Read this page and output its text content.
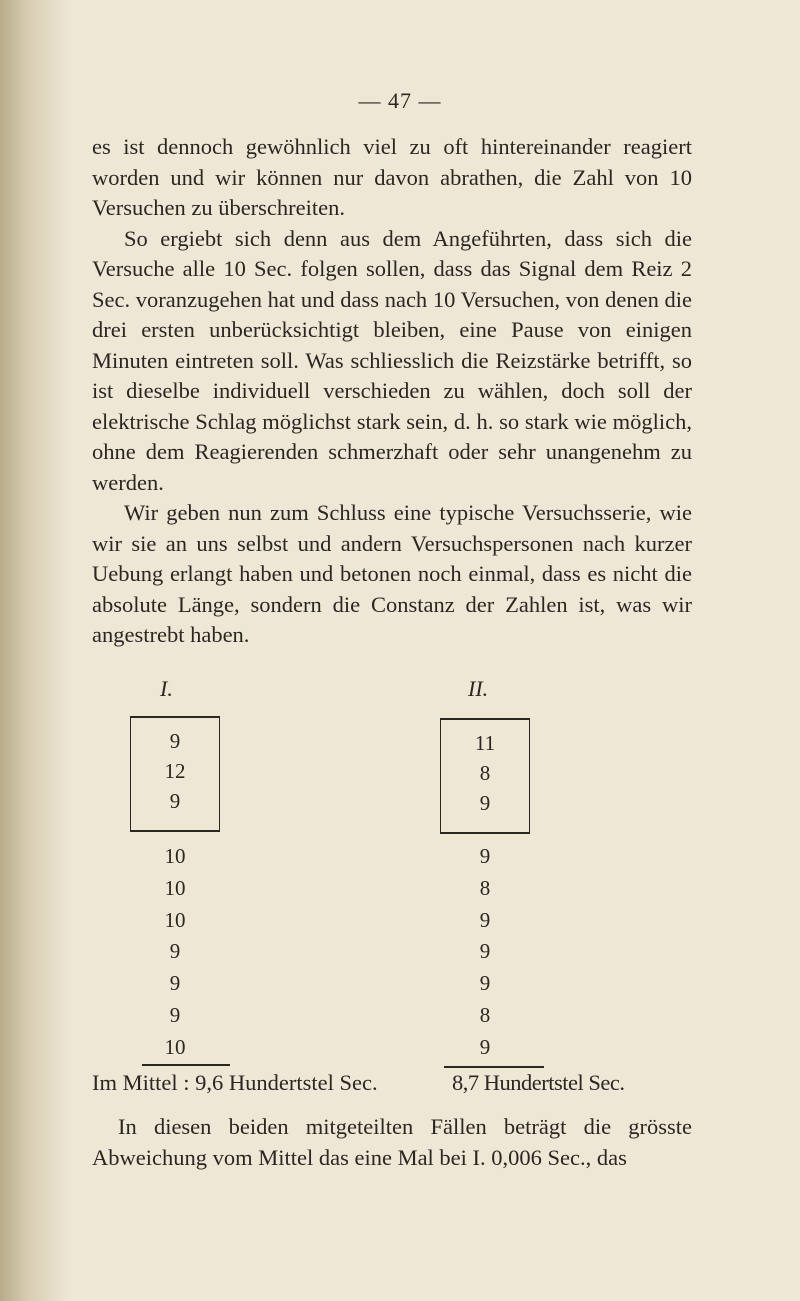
— 47 —

es ist dennoch gewöhnlich viel zu oft hintereinander reagiert worden und wir können nur davon abrathen, die Zahl von 10 Versuchen zu überschreiten.

So ergiebt sich denn aus dem Angeführten, dass sich die Versuche alle 10 Sec. folgen sollen, dass das Signal dem Reiz 2 Sec. voranzugehen hat und dass nach 10 Versuchen, von denen die drei ersten unberücksichtigt bleiben, eine Pause von einigen Minuten eintreten soll. Was schliesslich die Reizstärke betrifft, so ist dieselbe individuell verschieden zu wählen, doch soll der elektrische Schlag möglichst stark sein, d. h. so stark wie möglich, ohne dem Reagierenden schmerzhaft oder sehr unangenehm zu werden.

Wir geben nun zum Schluss eine typische Versuchsserie, wie wir sie an uns selbst und andern Versuchspersonen nach kurzer Uebung erlangt haben und betonen noch einmal, dass es nicht die absolute Länge, sondern die Constanz der Zahlen ist, was wir angestrebt haben.

I.	II.
9
12
9
11
8
9
10
10
10
9
9
9
10
9
8
9
9
9
8
9
Im Mittel : 9,6 Hundertstel Sec.	8,7 Hundertstel Sec.

In diesen beiden mitgeteilten Fällen beträgt die grösste Abweichung vom Mittel das eine Mal bei I. 0,006 Sec., das
